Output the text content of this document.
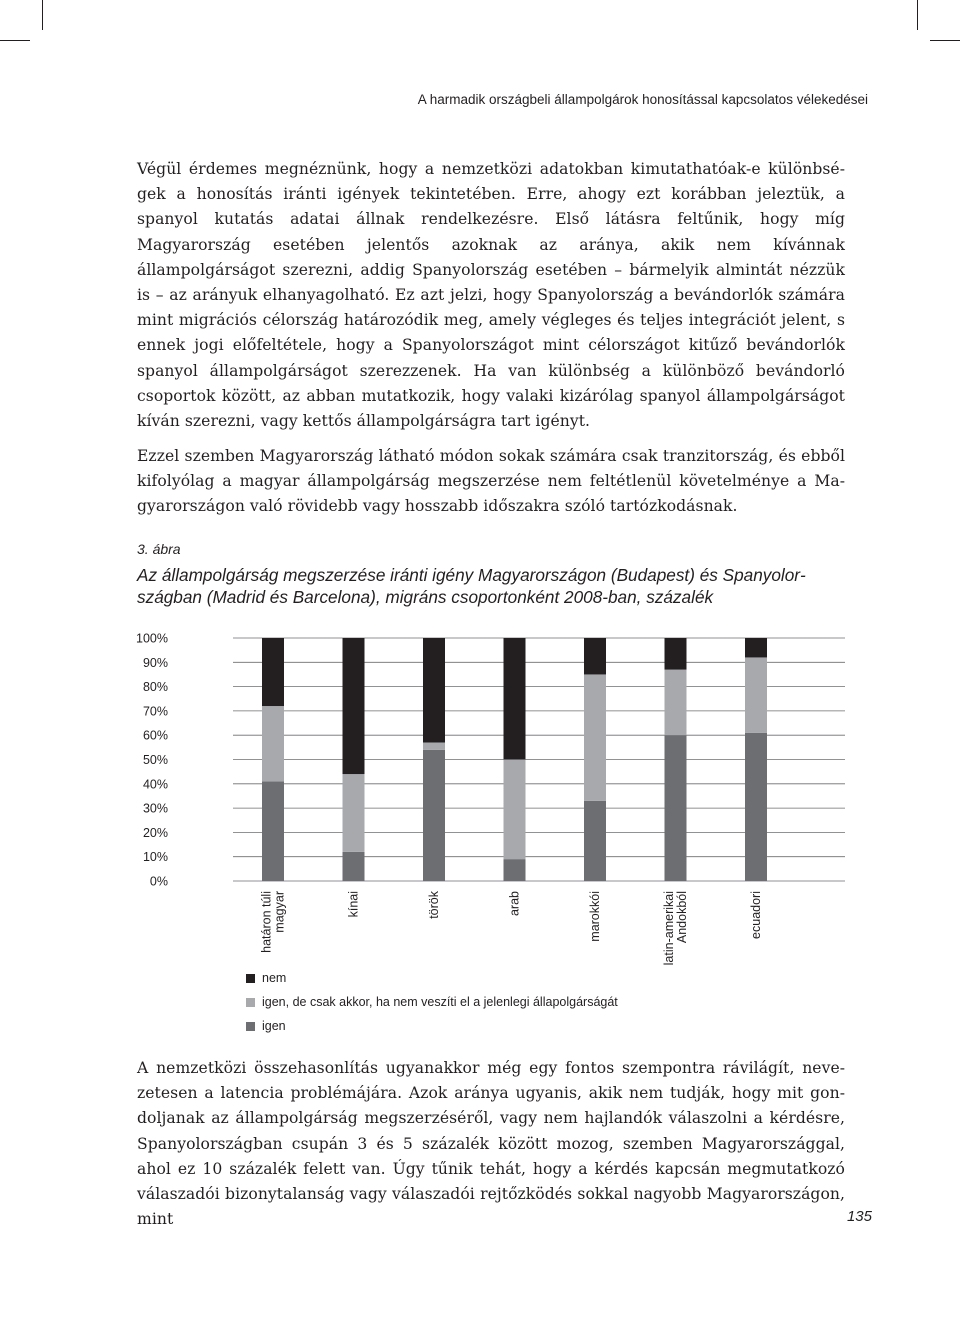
A harmadik országbeli állampolgárok honosítással kapcsolatos vélekedései

Végül érdemes megnéznünk, hogy a nemzetközi adatokban kimutathatóak-e különbségek a honosítás iránti igények tekintetében. Erre, ahogy ezt korábban jeleztük, a spanyol kutatás adatai állnak rendelkezésre. Első látásra feltűnik, hogy míg Magyarország esetében jelentős azoknak az aránya, akik nem kívánnak állampolgárságot szerezni, addig Spanyolország esetében – bármelyik almintát nézzük is – az arányuk elhanyagolható. Ez azt jelzi, hogy Spanyolország a bevándorlók számára mint migrációs célország határozódik meg, amely végleges és teljes integrációt jelent, s ennek jogi előfeltétele, hogy a Spanyolországot mint célországot kitűző bevándorlók spanyol állampolgárságot szerezzenek. Ha van különbség a különböző bevándorló csoportok között, az abban mutatkozik, hogy valaki kizárólag spanyol állampolgárságot kíván szerezni, vagy kettős állampolgárságra tart igényt.

Ezzel szemben Magyarország látható módon sokak számára csak tranzitország, és ebből kifolyólag a magyar állampolgárság megszerzése nem feltétlenül követelménye a Magyarországon való rövidebb vagy hosszabb időszakra szóló tartózkodásnak.

3. ábra

Az állampolgárság megszerzése iránti igény Magyarországon (Budapest) és Spanyolországban (Madrid és Barcelona), migráns csoportonként 2008-ban, százalék

0%
10%
20%
30%
40%
50%
60%
70%
80%
90%
100%
határon túli magyar	kínai	török	arab	marokkói	latin-amerikai Andokból	ecuadori
nem
igen, de csak akkor, ha nem veszíti el a jelenlegi állapolgárságát
igen

A nemzetközi összehasonlítás ugyanakkor még egy fontos szempontra rávilágít, nevezetesen a latencia problémájára. Azok aránya ugyanis, akik nem tudják, hogy mit gondoljanak az állampolgárság megszerzéséről, vagy nem hajlandók válaszolni a kérdésre, Spanyolországban csupán 3 és 5 százalék között mozog, szemben Magyarországgal, ahol ez 10 százalék felett van. Úgy tűnik tehát, hogy a kérdés kapcsán megmutatkozó válaszadói bizonytalanság vagy válaszadói rejtőzködés sokkal nagyobb Magyarországon, mint	135
